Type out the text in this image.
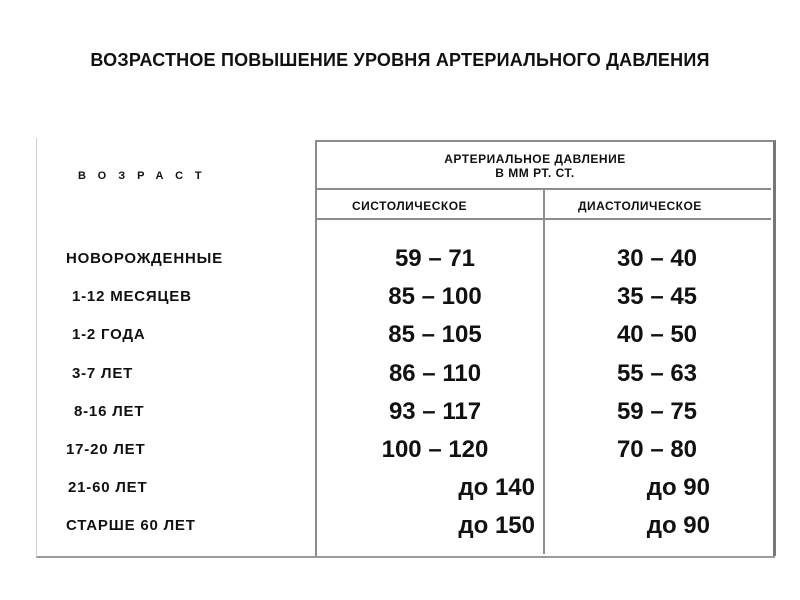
ВОЗРАСТНОЕ ПОВЫШЕНИЕ УРОВНЯ АРТЕРИАЛЬНОГО ДАВЛЕНИЯ
ВОЗРАСТ
АРТЕРИАЛЬНОЕ ДАВЛЕНИЕ
В ММ РТ. СТ.
СИСТОЛИЧЕСКОЕ	ДИАСТОЛИЧЕСКОЕ
НОВОРОЖДЕННЫЕ	59 – 71	30 – 40
1-12 МЕСЯЦЕВ	85 – 100	35 – 45
1-2 ГОДА	85 – 105	40 – 50
3-7 ЛЕТ	86 – 110	55 – 63
8-16 ЛЕТ	93 – 117	59 – 75
17-20 ЛЕТ	100 – 120	70 – 80
21-60 ЛЕТ	до 140	до 90
СТАРШЕ 60 ЛЕТ	до 150	до 90
